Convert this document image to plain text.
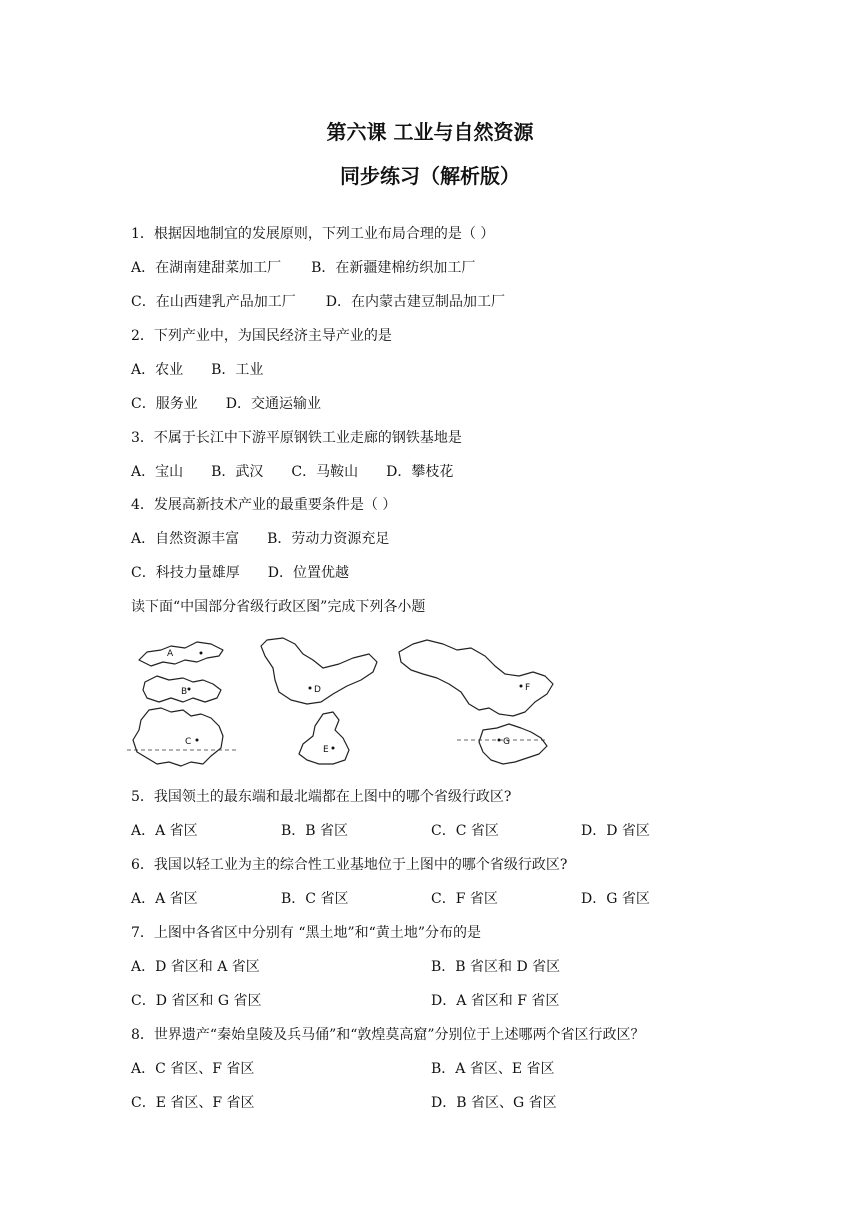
第六课 工业与自然资源
同步练习（解析版）
1．根据因地制宜的发展原则，下列工业布局合理的是（ ）
A．在湖南建甜菜加工厂 B．在新疆建棉纺织加工厂
C．在山西建乳产品加工厂 D．在内蒙古建豆制品加工厂
2．下列产业中，为国民经济主导产业的是
A．农业 B．工业
C．服务业 D．交通运输业
3．不属于长江中下游平原钢铁工业走廊的钢铁基地是
A．宝山 B．武汉 C．马鞍山 D．攀枝花
4．发展高新技术产业的最重要条件是（ ）
A．自然资源丰富 B．劳动力资源充足
C．科技力量雄厚 D．位置优越
读下面“中国部分省级行政区图”完成下列各小题
A
B
C
D
E
F
G
5．我国领土的最东端和最北端都在上图中的哪个省级行政区?
A．A 省区	B．B 省区	C．C 省区	D．D 省区
6．我国以轻工业为主的综合性工业基地位于上图中的哪个省级行政区?
A．A 省区	B．C 省区	C．F 省区	D．G 省区
7．上图中各省区中分别有 “黑土地”和“黄土地”分布的是
A．D 省区和 A 省区	B．B 省区和 D 省区
C．D 省区和 G 省区	D．A 省区和 F 省区
8．世界遗产“秦始皇陵及兵马俑”和“敦煌莫高窟”分别位于上述哪两个省区行政区？
A．C 省区、F 省区	B．A 省区、E 省区
C．E 省区、F 省区	D．B 省区、G 省区
